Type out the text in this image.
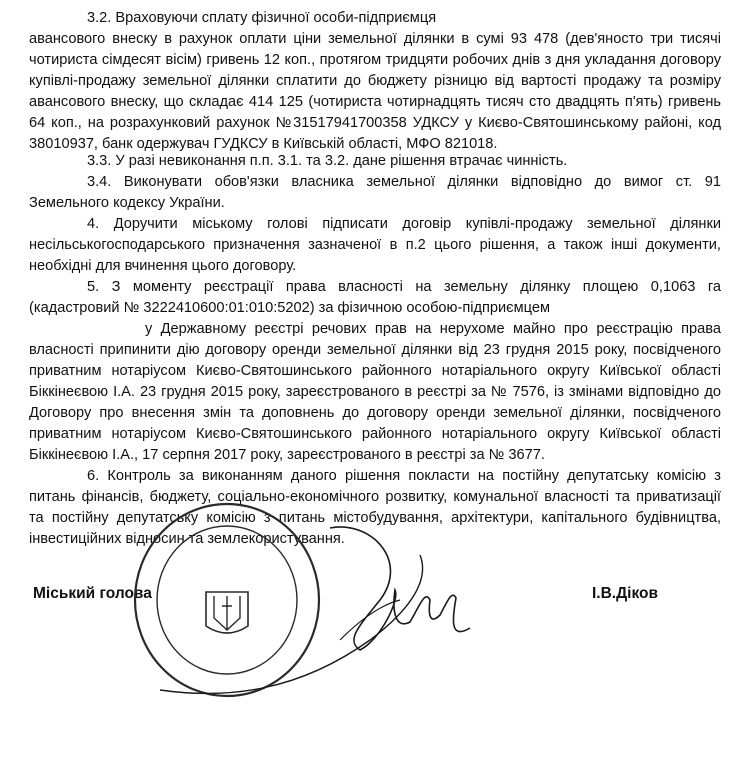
3.2. Враховуючи сплату фізичної особи-підприємця
авансового внеску в рахунок оплати ціни земельної ділянки в сумі 93 478 (дев'яносто три тисячі
чотириста сімдесят вісім) гривень 12 коп., протягом тридцяти робочих днів з дня укладання договору
купівлі-продажу земельної ділянки сплатити до бюджету різницю від вартості продажу та розміру
авансового внеску, що складає 414 125 (чотириста чотирнадцять тисяч сто двадцять п'ять) гривень
64 коп., на розрахунковий рахунок №31517941700358 УДКСУ у Києво-Святошинському районі, код
38010937, банк одержувач ГУДКСУ в Київській області, МФО 821018.
3.3. У разі невиконання п.п. 3.1. та 3.2. дане рішення втрачає чинність.
3.4. Виконувати обов'язки власника земельної ділянки відповідно до вимог ст. 91
Земельного кодексу України.
4. Доручити міському голові підписати договір купівлі-продажу земельної ділянки
несільськогосподарського призначення зазначеної в п.2 цього рішення, а також інші документи,
необхідні для вчинення цього договору.
5. З моменту реєстрації права власності на земельну ділянку площею 0,1063 га
(кадастровий № 3222410600:01:010:5202) за фізичною особою-підприємцем
у Державному реєстрі речових прав на нерухоме майно про реєстрацію права
власності припинити дію договору оренди земельної ділянки від 23 грудня 2015 року, посвідченого
приватним нотаріусом Києво-Святошинського районного нотаріального округу Київської області
Біккінеєвою І.А. 23 грудня 2015 року, зареєстрованого в реєстрі за № 7576, із змінами відповідно до
Договору про внесення змін та доповнень до договору оренди земельної ділянки, посвідченого
приватним нотаріусом Києво-Святошинського районного нотаріального округу Київської області
Біккінеєвою І.А., 17 серпня 2017 року, зареєстрованого в реєстрі за № 3677.
6. Контроль за виконанням даного рішення покласти на постійну депутатську комісію з
питань фінансів, бюджету, соціально-економічного розвитку, комунальної власності та приватизації
та постійну депутатську комісію з питань містобудування, архітектури, капітального будівництва,
інвестиційних відносин та землекористування.
Міський голова	І.В.Діков
